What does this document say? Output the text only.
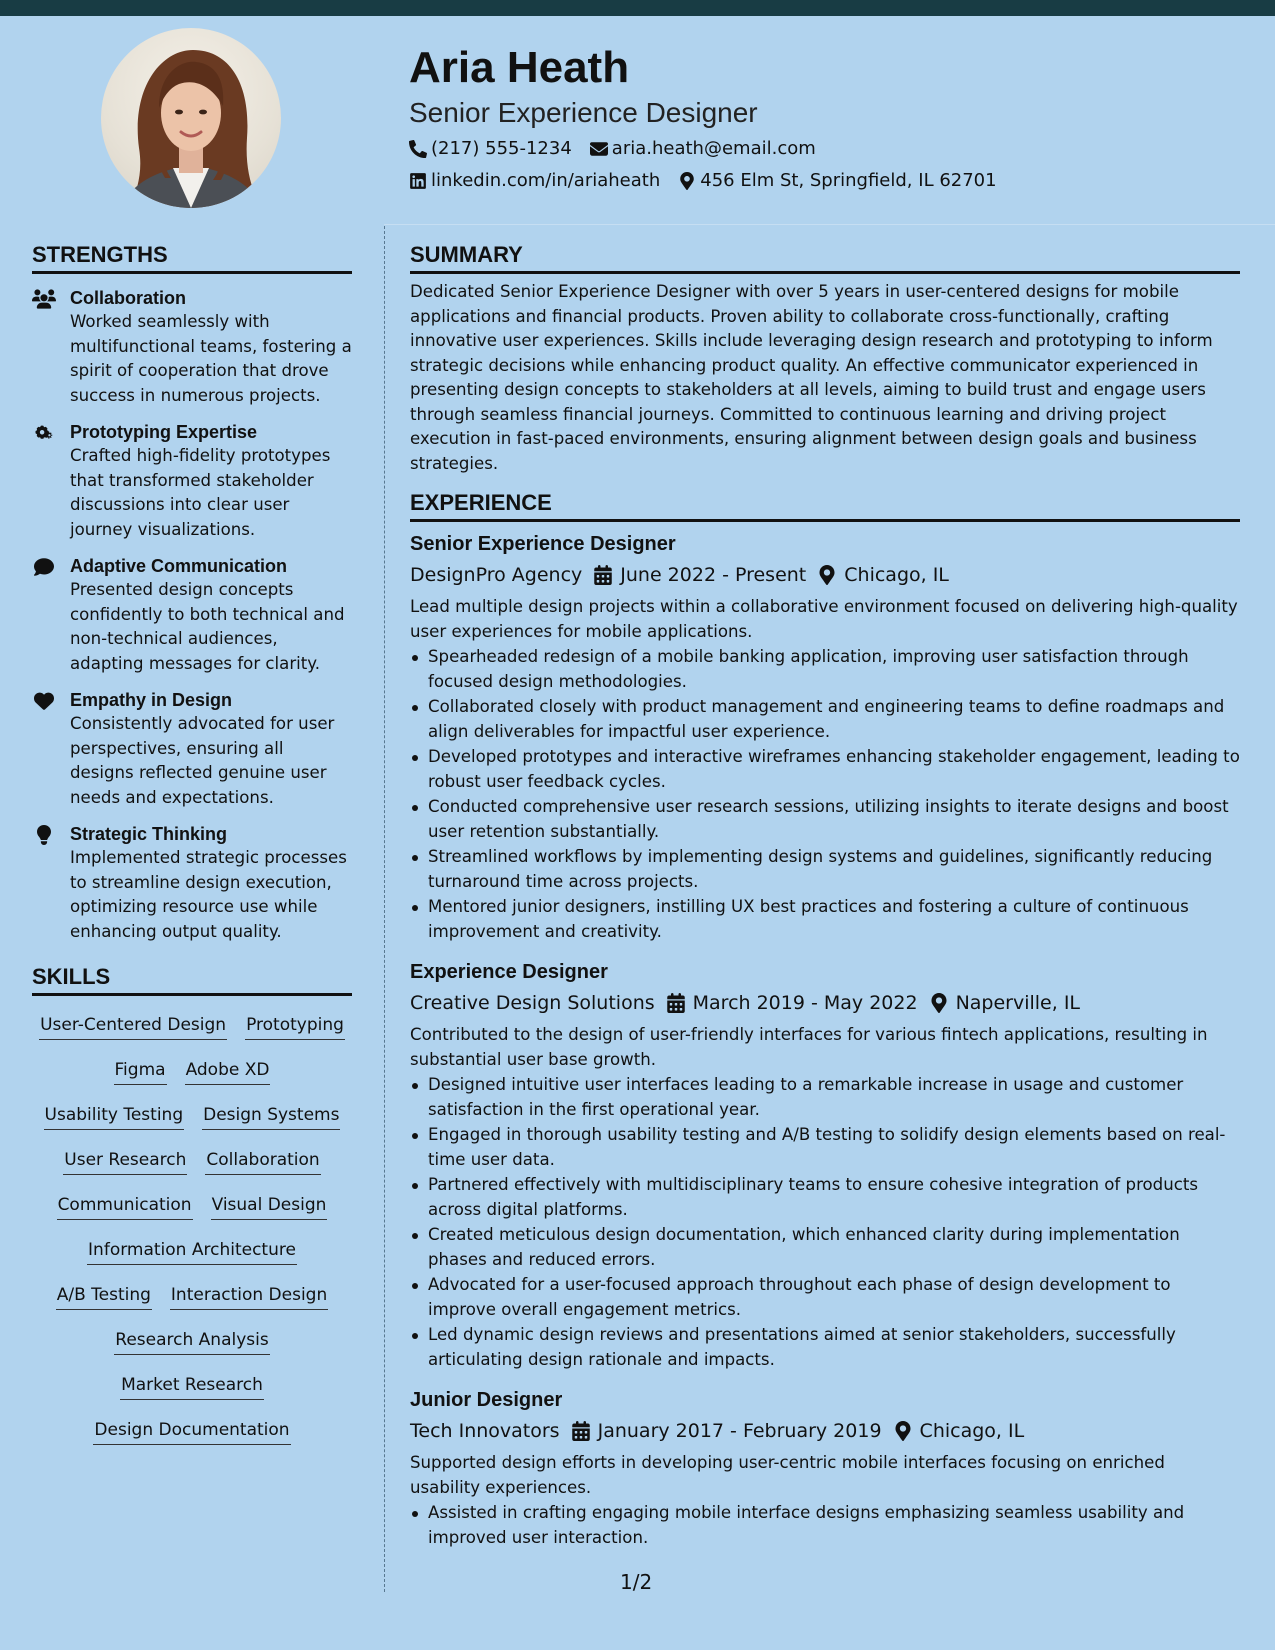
Aria Heath
Senior Experience Designer
(217) 555-1234 aria.heath@email.com
linkedin.com/in/ariaheath 456 Elm St, Springfield, IL 62701
STRENGTHS
Collaboration
Worked seamlessly with multifunctional teams, fostering a spirit of cooperation that drove success in numerous projects.
Prototyping Expertise
Crafted high-fidelity prototypes that transformed stakeholder discussions into clear user journey visualizations.
Adaptive Communication
Presented design concepts confidently to both technical and non-technical audiences, adapting messages for clarity.
Empathy in Design
Consistently advocated for user perspectives, ensuring all designs reflected genuine user needs and expectations.
Strategic Thinking
Implemented strategic processes to streamline design execution, optimizing resource use while enhancing output quality.
SKILLS
User-Centered Design Prototyping
Figma Adobe XD
Usability Testing Design Systems
User Research Collaboration
Communication Visual Design
Information Architecture
A/B Testing Interaction Design
Research Analysis
Market Research
Design Documentation
SUMMARY
Dedicated Senior Experience Designer with over 5 years in user-centered designs for mobile applications and financial products. Proven ability to collaborate cross-functionally, crafting innovative user experiences. Skills include leveraging design research and prototyping to inform strategic decisions while enhancing product quality. An effective communicator experienced in presenting design concepts to stakeholders at all levels, aiming to build trust and engage users through seamless financial journeys. Committed to continuous learning and driving project execution in fast-paced environments, ensuring alignment between design goals and business strategies.
EXPERIENCE
Senior Experience Designer
DesignPro Agency June 2022 - Present Chicago, IL
Lead multiple design projects within a collaborative environment focused on delivering high-quality user experiences for mobile applications.
Spearheaded redesign of a mobile banking application, improving user satisfaction through focused design methodologies.
Collaborated closely with product management and engineering teams to define roadmaps and align deliverables for impactful user experience.
Developed prototypes and interactive wireframes enhancing stakeholder engagement, leading to robust user feedback cycles.
Conducted comprehensive user research sessions, utilizing insights to iterate designs and boost user retention substantially.
Streamlined workflows by implementing design systems and guidelines, significantly reducing turnaround time across projects.
Mentored junior designers, instilling UX best practices and fostering a culture of continuous improvement and creativity.
Experience Designer
Creative Design Solutions March 2019 - May 2022 Naperville, IL
Contributed to the design of user-friendly interfaces for various fintech applications, resulting in substantial user base growth.
Designed intuitive user interfaces leading to a remarkable increase in usage and customer satisfaction in the first operational year.
Engaged in thorough usability testing and A/B testing to solidify design elements based on real-time user data.
Partnered effectively with multidisciplinary teams to ensure cohesive integration of products across digital platforms.
Created meticulous design documentation, which enhanced clarity during implementation phases and reduced errors.
Advocated for a user-focused approach throughout each phase of design development to improve overall engagement metrics.
Led dynamic design reviews and presentations aimed at senior stakeholders, successfully articulating design rationale and impacts.
Junior Designer
Tech Innovators January 2017 - February 2019 Chicago, IL
Supported design efforts in developing user-centric mobile interfaces focusing on enriched usability experiences.
Assisted in crafting engaging mobile interface designs emphasizing seamless usability and improved user interaction.
1/2
